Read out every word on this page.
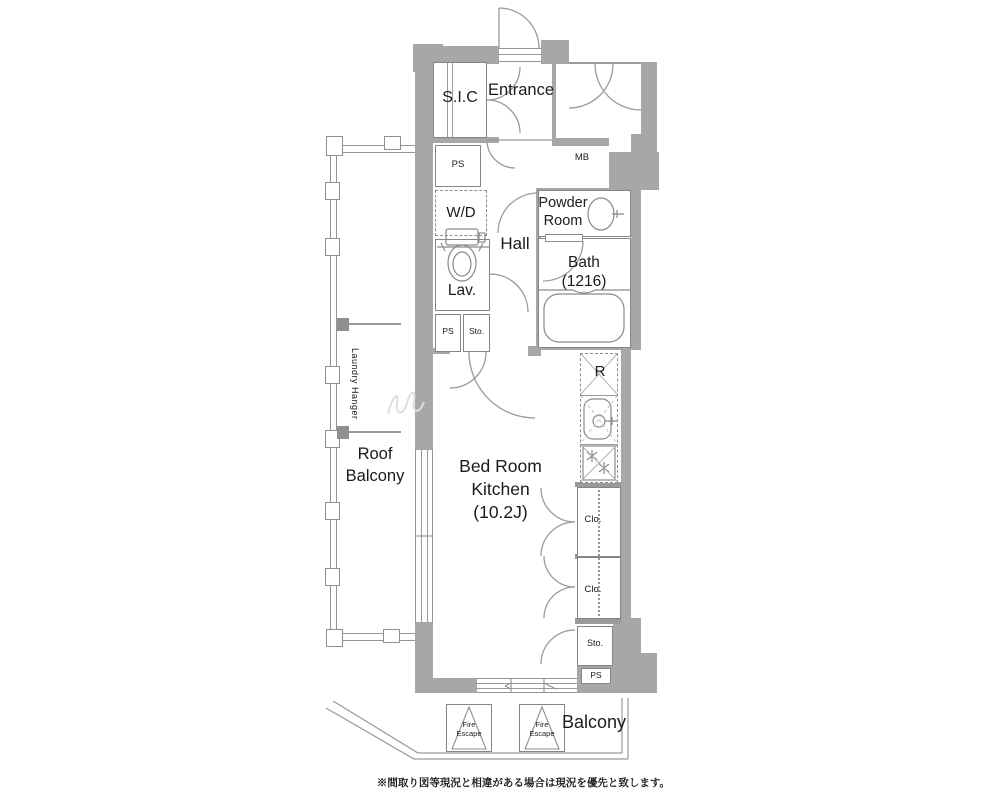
S.I.C Entrance
PS
W/D
Hall
Lav.
MB
Powder
Room
Bath
(1216)
PS	Sto.
R
Bed Room
Kitchen
(10.2J)	Clo.
Clo.
Sto.
PS
Roof
Balcony
Laundry Hanger
Balcony
Fire
Escape
Fire
Escape
※間取り図等現況と相違がある場合は現況を優先と致します。
